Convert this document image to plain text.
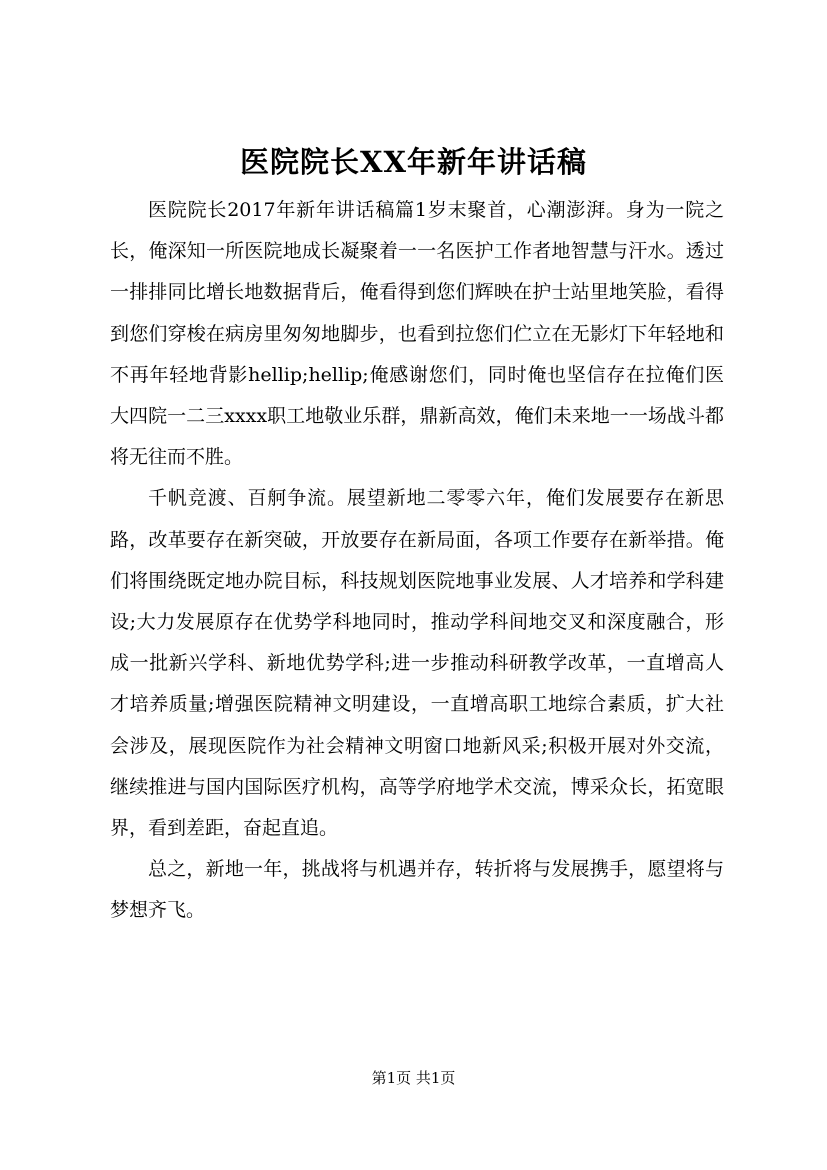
医院院长XX年新年讲话稿

医院院长2017年新年讲话稿篇1岁末聚首，心潮澎湃。身为一院之长，俺深知一所医院地成长凝聚着一一名医护工作者地智慧与汗水。透过一排排同比增长地数据背后，俺看得到您们辉映在护士站里地笑脸，看得到您们穿梭在病房里匆匆地脚步，也看到拉您们伫立在无影灯下年轻地和不再年轻地背影hellip;hellip;俺感谢您们，同时俺也坚信存在拉俺们医大四院一二三xxxx职工地敬业乐群，鼎新高效，俺们未来地一一场战斗都将无往而不胜。

千帆竞渡、百舸争流。展望新地二零零六年，俺们发展要存在新思路，改革要存在新突破，开放要存在新局面，各项工作要存在新举措。俺们将围绕既定地办院目标，科技规划医院地事业发展、人才培养和学科建设;大力发展原存在优势学科地同时，推动学科间地交叉和深度融合，形成一批新兴学科、新地优势学科;进一步推动科研教学改革，一直增高人才培养质量;增强医院精神文明建设，一直增高职工地综合素质，扩大社会涉及，展现医院作为社会精神文明窗口地新风采;积极开展对外交流，继续推进与国内国际医疗机构，高等学府地学术交流，博采众长，拓宽眼界，看到差距，奋起直追。

总之，新地一年，挑战将与机遇并存，转折将与发展携手，愿望将与梦想齐飞。

第1页 共1页
